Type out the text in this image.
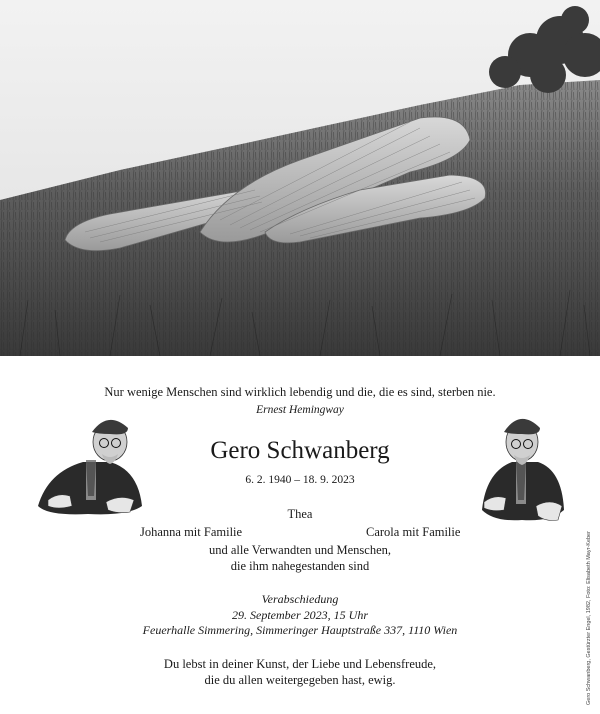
Nur wenige Menschen sind wirklich lebendig und die, die es sind, sterben nie.
Ernest Hemingway
Gero Schwanberg
6. 2. 1940 – 18. 9. 2023
Thea
Johanna mit Familie	Carola mit Familie
und alle Verwandten und Menschen,
die ihm nahegestanden sind
Verabschiedung
29. September 2023, 15 Uhr
Feuerhalle Simmering, Simmeringer Hauptstraße 337, 1110 Wien
Du lebst in deiner Kunst, der Liebe und Lebensfreude,
die du allen weitergegeben hast, ewig.	Gero Schwanberg, Gestürzter Engel, 1982, Foto: Elisabeth Mayr-Keber
